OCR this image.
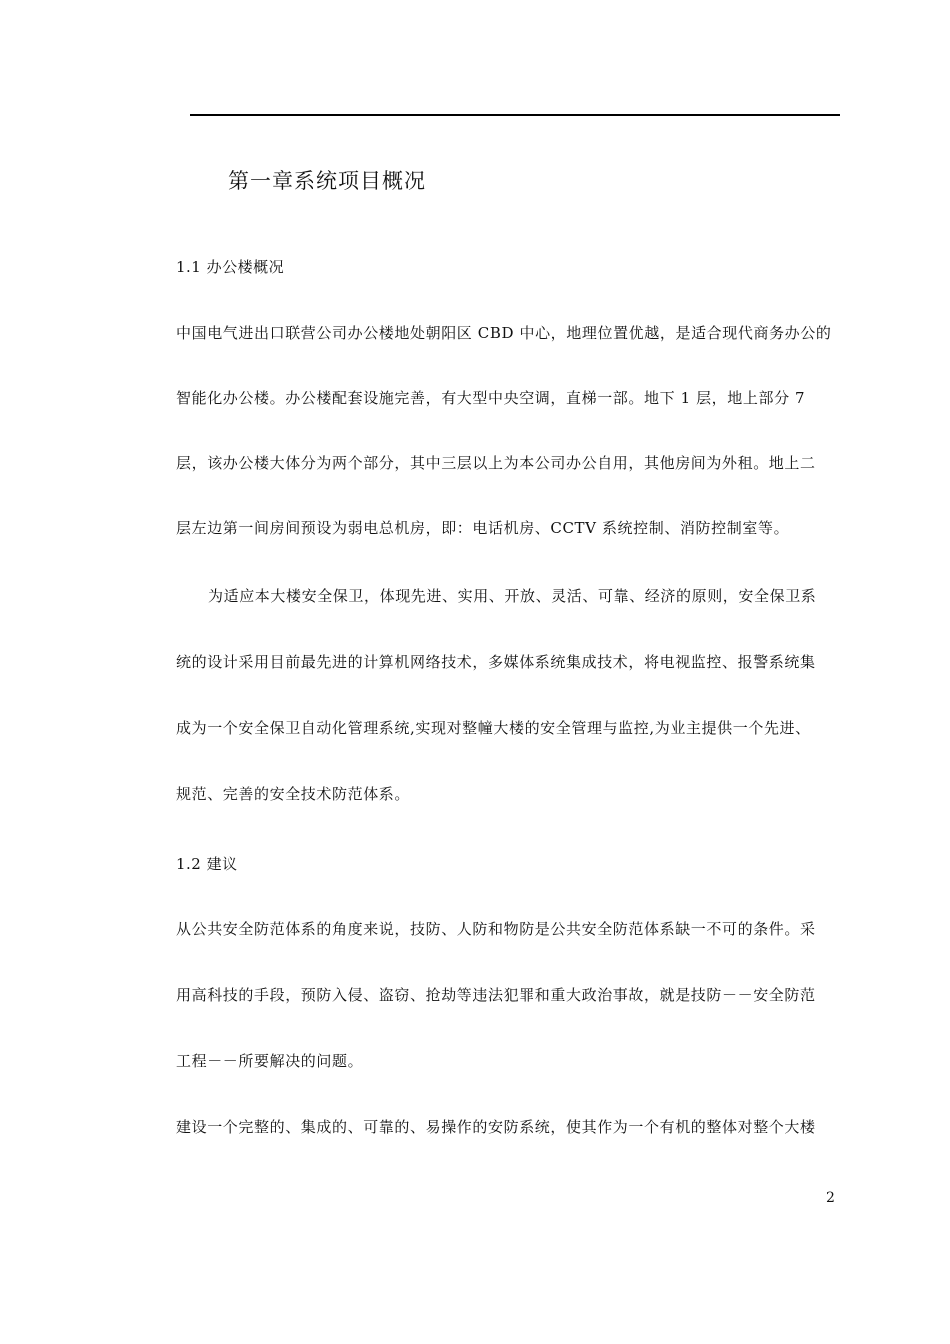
第一章系统项目概况
1.1 办公楼概况
中国电气进出口联营公司办公楼地处朝阳区 CBD 中心，地理位置优越，是适合现代商务办公的
智能化办公楼。办公楼配套设施完善，有大型中央空调，直梯一部。地下 1 层，地上部分 7
层，该办公楼大体分为两个部分，其中三层以上为本公司办公自用，其他房间为外租。地上二
层左边第一间房间预设为弱电总机房，即：电话机房、CCTV 系统控制、消防控制室等。
为适应本大楼安全保卫，体现先进、实用、开放、灵活、可靠、经济的原则，安全保卫系
统的设计采用目前最先进的计算机网络技术，多媒体系统集成技术，将电视监控、报警系统集
成为一个安全保卫自动化管理系统,实现对整幢大楼的安全管理与监控,为业主提供一个先进、
规范、完善的安全技术防范体系。
1.2 建议
从公共安全防范体系的角度来说，技防、人防和物防是公共安全防范体系缺一不可的条件。采
用高科技的手段，预防入侵、盗窃、抢劫等违法犯罪和重大政治事故，就是技防－－安全防范
工程－－所要解决的问题。
建设一个完整的、集成的、可靠的、易操作的安防系统，使其作为一个有机的整体对整个大楼
2
